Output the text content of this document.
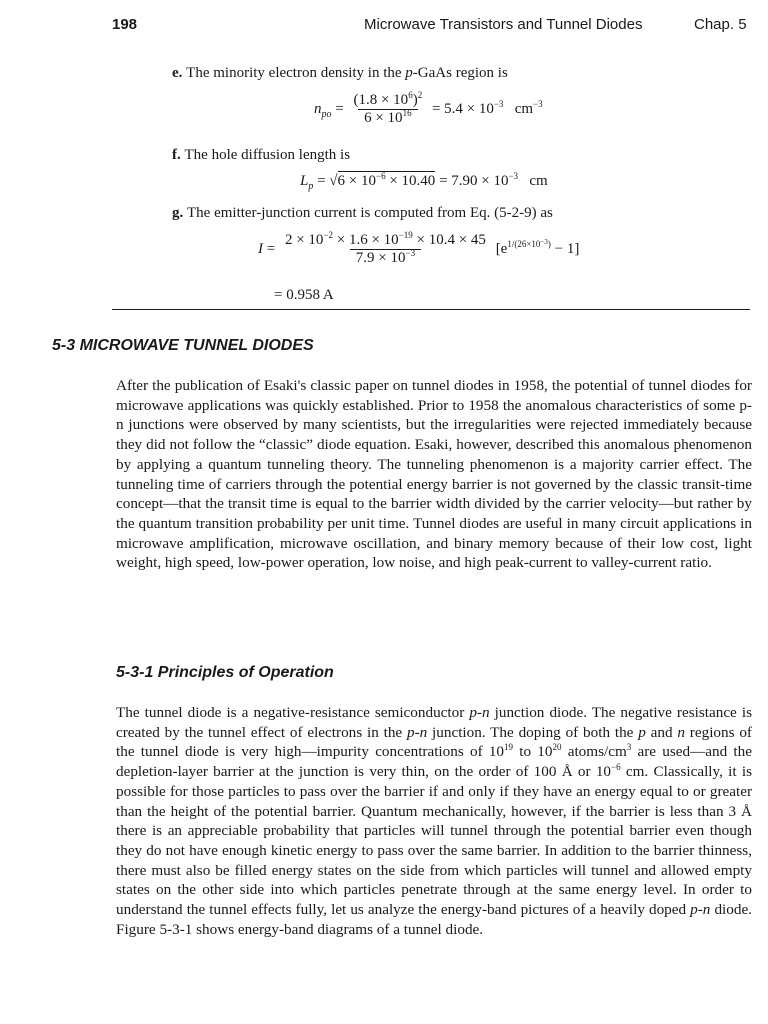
198	Microwave Transistors and Tunnel Diodes	Chap. 5
e. The minority electron density in the p-GaAs region is
$n_{po} = \frac{(1.8 \times 10^6)^2}{6 \times 10^{16}} = 5.4 \times 10^{-3}$ $cm^{-3}$
f. The hole diffusion length is
$L_p = √6 \times 10^{-6} \times 10.40 = 7.90 \times 10^{-3}$ cm
g. The emitter-junction current is computed from Eq. (5-2-9) as
$I = \frac{2 \times 10^{-2} \times 1.6 \times 10^{-19} \times 10.4 \times 45}{7.9 \times 10^{-3}} [e^{1/(26\times 10^{-3})} - 1]$
= 0.958 A
5-3 MICROWAVE TUNNEL DIODES

After the publication of Esaki's classic paper on tunnel diodes in 1958, the potential of tunnel diodes for microwave applications was quickly established. Prior to 1958 the anomalous characteristics of some p-n junctions were observed by many scientists, but the irregularities were rejected immediately because they did not follow the “classic” diode equation. Esaki, however, described this anomalous phenomenon by applying a quantum tunneling theory. The tunneling phenomenon is a majority carrier effect. The tunneling time of carriers through the potential energy barrier is not governed by the classic transit-time concept—that the transit time is equal to the barrier width divided by the carrier velocity—but rather by the quantum transition probability per unit time. Tunnel diodes are useful in many circuit applications in microwave amplification, microwave oscillation, and binary memory because of their low cost, light weight, high speed, low-power operation, low noise, and high peak-current to valley-current ratio.

5-3-1 Principles of Operation

The tunnel diode is a negative-resistance semiconductor p-n junction diode. The negative resistance is created by the tunnel effect of electrons in the p-n junction. The doping of both the p and n regions of the tunnel diode is very high—impurity concentrations of $10^{19}$ to $10^{20}$ atoms/$cm^3$ are used—and the depletion-layer barrier at the junction is very thin, on the order of 100 Å or $10^{-6}$ cm. Classically, it is possible for those particles to pass over the barrier if and only if they have an energy equal to or greater than the height of the potential barrier. Quantum mechanically, however, if the barrier is less than 3 Å there is an appreciable probability that particles will tunnel through the potential barrier even though they do not have enough kinetic energy to pass over the same barrier. In addition to the barrier thinness, there must also be filled energy states on the side from which particles will tunnel and allowed empty states on the other side into which particles penetrate through at the same energy level. In order to understand the tunnel effects fully, let us analyze the energy-band pictures of a heavily doped p-n diode. Figure 5-3-1 shows energy-band diagrams of a tunnel diode.
